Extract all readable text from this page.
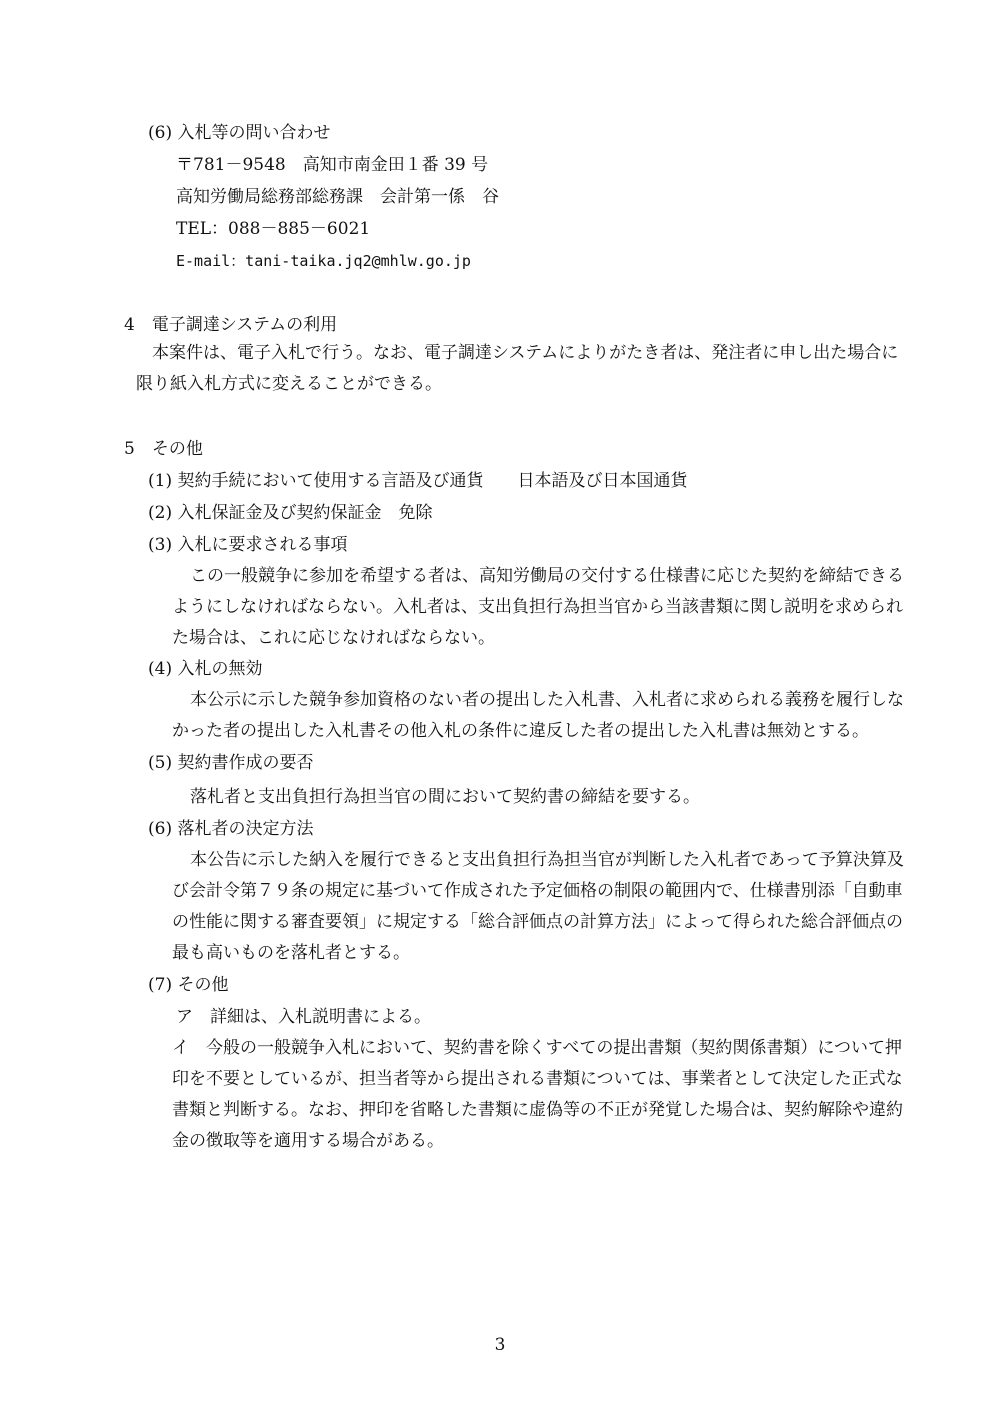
(6) 入札等の問い合わせ
〒781－9548　高知市南金田１番 39 号
高知労働局総務部総務課　会計第一係　谷
TEL：088－885－6021
E-mail：tani-taika.jq2@mhlw.go.jp
4　電子調達システムの利用
本案件は、電子入札で行う。なお、電子調達システムによりがたき者は、発注者に申し出た場合に限り紙入札方式に変えることができる。
5　その他
(1) 契約手続において使用する言語及び通貨　　日本語及び日本国通貨
(2) 入札保証金及び契約保証金　免除
(3) 入札に要求される事項
この一般競争に参加を希望する者は、高知労働局の交付する仕様書に応じた契約を締結できるようにしなければならない。入札者は、支出負担行為担当官から当該書類に関し説明を求められた場合は、これに応じなければならない。
(4) 入札の無効
本公示に示した競争参加資格のない者の提出した入札書、入札者に求められる義務を履行しなかった者の提出した入札書その他入札の条件に違反した者の提出した入札書は無効とする。
(5) 契約書作成の要否
落札者と支出負担行為担当官の間において契約書の締結を要する。
(6) 落札者の決定方法
本公告に示した納入を履行できると支出負担行為担当官が判断した入札者であって予算決算及び会計令第７９条の規定に基づいて作成された予定価格の制限の範囲内で、仕様書別添「自動車の性能に関する審査要領」に規定する「総合評価点の計算方法」によって得られた総合評価点の最も高いものを落札者とする。
(7) その他
ア　詳細は、入札説明書による。
イ　今般の一般競争入札において、契約書を除くすべての提出書類（契約関係書類）について押印を不要としているが、担当者等から提出される書類については、事業者として決定した正式な書類と判断する。なお、押印を省略した書類に虚偽等の不正が発覚した場合は、契約解除や違約金の徴取等を適用する場合がある。
3
